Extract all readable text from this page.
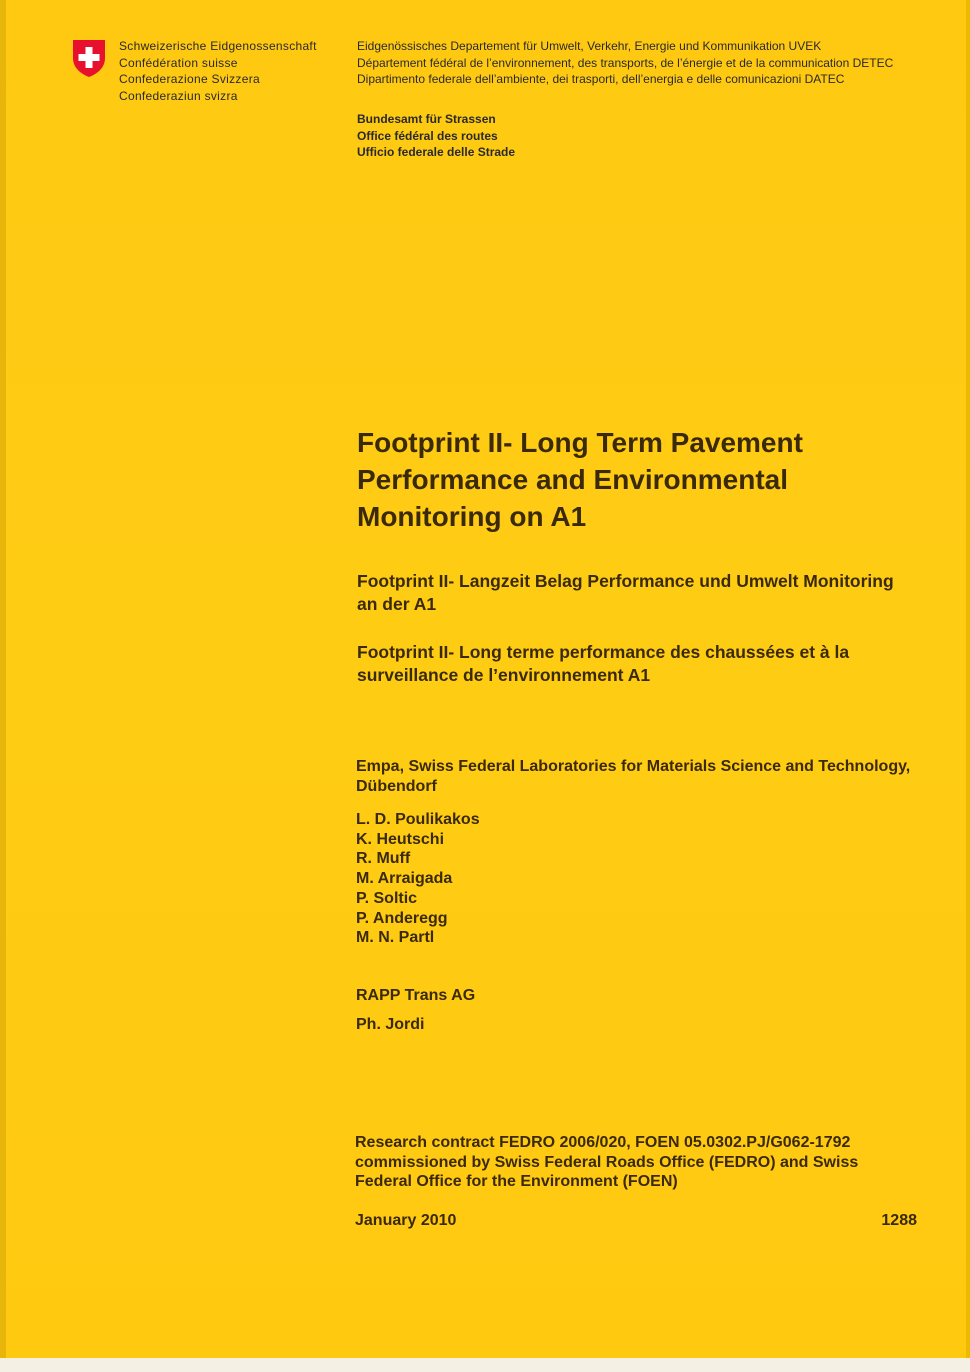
Schweizerische Eidgenossenschaft
Confédération suisse
Confederazione Svizzera
Confederaziun svizra
Eidgenössisches Departement für Umwelt, Verkehr, Energie und Kommunikation UVEK
Département fédéral de l’environnement, des transports, de l’énergie et de la communication DETEC
Dipartimento federale dell’ambiente, dei trasporti, dell’energia e delle comunicazioni DATEC
Bundesamt für Strassen
Office fédéral des routes
Ufficio federale delle Strade
Footprint II- Long Term Pavement Performance and Environmental Monitoring on A1
Footprint II- Langzeit Belag Performance und Umwelt Monitoring an der A1
Footprint II- Long terme performance des chaussées et à la surveillance de l’environnement A1
Empa, Swiss Federal Laboratories for Materials Science and Technology, Dübendorf
L. D. Poulikakos
K. Heutschi
R. Muff
M. Arraigada
P. Soltic
P. Anderegg
M. N. Partl
RAPP Trans AG
Ph. Jordi
Research contract FEDRO 2006/020, FOEN 05.0302.PJ/G062-1792 commissioned by Swiss Federal Roads Office (FEDRO) and Swiss Federal Office for the Environment (FOEN)
January 2010	1288
